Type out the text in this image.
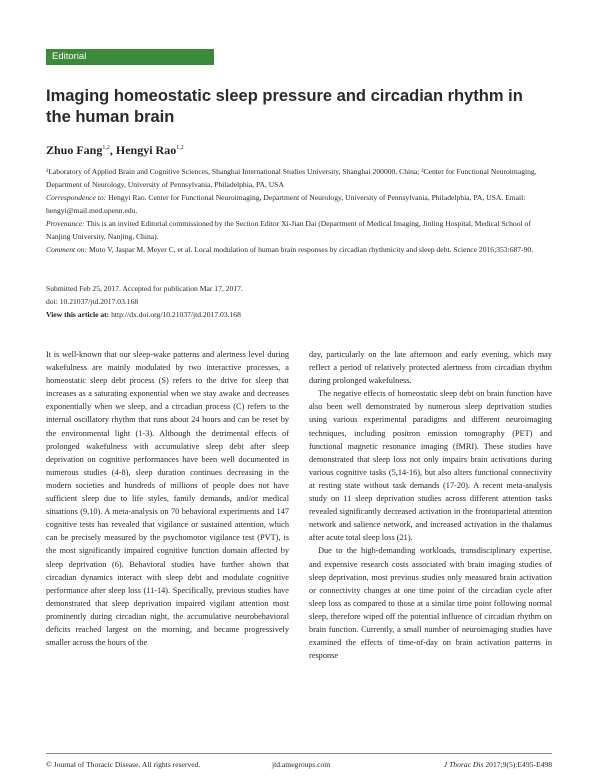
Editorial
Imaging homeostatic sleep pressure and circadian rhythm in the human brain
Zhuo Fang$^{1,2}$, Hengyi Rao$^{1,2}$

¹Laboratory of Applied Brain and Cognitive Sciences, Shanghai International Studies University, Shanghai 200000, China; ²Center for Functional Neuroimaging, Department of Neurology, University of Pennsylvania, Philadelphia, PA, USA

Correspondence to: Hengyi Rao. Center for Functional Neuroimaging, Department of Neurology, University of Pennsylvania, Philadelphia, PA, USA. Email: hengyi@mail.med.upenn.edu.

Provenance: This is an invited Editorial commissioned by the Section Editor Xi-Jian Dai (Department of Medical Imaging, Jinling Hospital, Medical School of Nanjing University, Nanjing, China).

Comment on: Muto V, Jaspar M, Meyer C, et al. Local modulation of human brain responses by circadian rhythmicity and sleep debt. Science 2016;353:687-90.

Submitted Feb 25, 2017. Accepted for publication Mar 17, 2017.

doi: 10.21037/jtd.2017.03.168

View this article at: http://dx.doi.org/10.21037/jtd.2017.03.168

It is well-known that our sleep-wake patterns and alertness level during wakefulness are mainly modulated by two interactive processes, a homeostatic sleep debt process (S) refers to the drive for sleep that increases as a saturating exponential when we stay awake and decreases exponentially when we sleep, and a circadian process (C) refers to the internal oscillatory rhythm that runs about 24 hours and can be reset by the environmental light (1-3). Although the detrimental effects of prolonged wakefulness with accumulative sleep debt after sleep deprivation on cognitive performances have been well documented in numerous studies (4-8), sleep duration continues decreasing in the modern societies and hundreds of millions of people does not have sufficient sleep due to life styles, family demands, and/or medical situations (9,10). A meta-analysis on 70 behavioral experiments and 147 cognitive tests has revealed that vigilance or sustained attention, which can be precisely measured by the psychomotor vigilance test (PVT), is the most significantly impaired cognitive function domain affected by sleep deprivation (6). Behavioral studies have further shown that circadian dynamics interact with sleep debt and modulate cognitive performance after sleep loss (11-14). Specifically, previous studies have demonstrated that sleep deprivation impaired vigilant attention most prominently during circadian night, the accumulative neurobehavioral deficits reached largest on the morning, and became progressively smaller across the hours of the

day, particularly on the late afternoon and early evening, which may reflect a period of relatively protected alertness from circadian rhythm during prolonged wakefulness.

The negative effects of homeostatic sleep debt on brain function have also been well demonstrated by numerous sleep deprivation studies using various experimental paradigms and different neuroimaging techniques, including positron emission tomography (PET) and functional magnetic resonance imaging (fMRI). These studies have demonstrated that sleep loss not only impairs brain activations during various cognitive tasks (5,14-16), but also alters functional connectivity at resting state without task demands (17-20). A recent meta-analysis study on 11 sleep deprivation studies across different attention tasks revealed significantly decreased activation in the frontoparietal attention network and salience network, and increased activation in the thalamus after acute total sleep loss (21).

Due to the high-demanding workloads, transdisciplinary expertise, and expensive research costs associated with brain imaging studies of sleep deprivation, most previous studies only measured brain activation or connectivity changes at one time point of the circadian cycle after sleep loss as compared to those at a similar time point following normal sleep, therefore wiped off the potential influence of circadian rhythm on brain function. Currently, a small number of neuroimaging studies have examined the effects of time-of-day on brain activation patterns in response

© Journal of Thoracic Disease. All rights reserved.	jtd.amegroups.com	J Thorac Dis 2017;9(5):E495-E498
